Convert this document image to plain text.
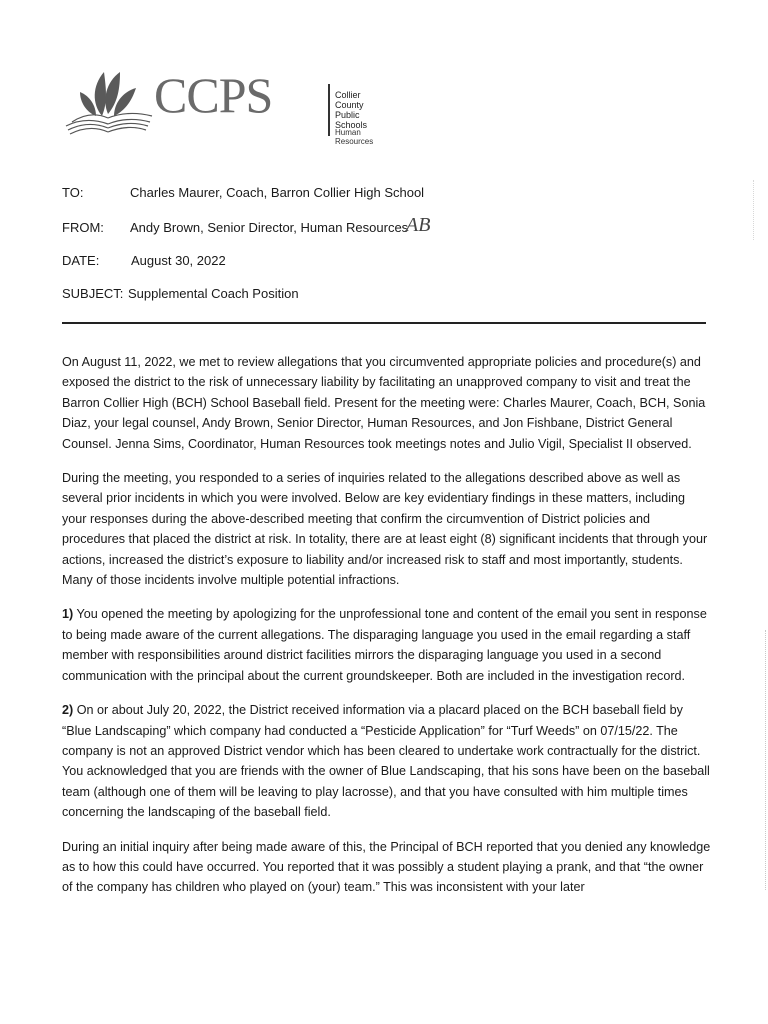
CCPS	Collier County
Public Schools
Human Resources
TO:	Charles Maurer, Coach, Barron Collier High School
FROM: Andy Brown, Senior Director, Human Resources
AB
DATE: August 30, 2022
SUBJECT: Supplemental Coach Position

On August 11, 2022, we met to review allegations that you circumvented appropriate policies and procedure(s) and exposed the district to the risk of unnecessary liability by facilitating an unapproved company to visit and treat the Barron Collier High (BCH) School Baseball field. Present for the meeting were: Charles Maurer, Coach, BCH, Sonia Diaz, your legal counsel, Andy Brown, Senior Director, Human Resources, and Jon Fishbane, District General Counsel. Jenna Sims, Coordinator, Human Resources took meetings notes and Julio Vigil, Specialist II observed.

During the meeting, you responded to a series of inquiries related to the allegations described above as well as several prior incidents in which you were involved. Below are key evidentiary findings in these matters, including your responses during the above-described meeting that confirm the circumvention of District policies and procedures that placed the district at risk. In totality, there are at least eight (8) significant incidents that through your actions, increased the district’s exposure to liability and/or increased risk to staff and most importantly, students. Many of those incidents involve multiple potential infractions.

1) You opened the meeting by apologizing for the unprofessional tone and content of the email you sent in response to being made aware of the current allegations. The disparaging language you used in the email regarding a staff member with responsibilities around district facilities mirrors the disparaging language you used in a second communication with the principal about the current groundskeeper. Both are included in the investigation record.

2) On or about July 20, 2022, the District received information via a placard placed on the BCH baseball field by “Blue Landscaping” which company had conducted a “Pesticide Application” for “Turf Weeds” on 07/15/22. The company is not an approved District vendor which has been cleared to undertake work contractually for the district. You acknowledged that you are friends with the owner of Blue Landscaping, that his sons have been on the baseball team (although one of them will be leaving to play lacrosse), and that you have consulted with him multiple times concerning the landscaping of the baseball field.

During an initial inquiry after being made aware of this, the Principal of BCH reported that you denied any knowledge as to how this could have occurred. You reported that it was possibly a student playing a prank, and that “the owner of the company has children who played on (your) team.” This was inconsistent with your later
